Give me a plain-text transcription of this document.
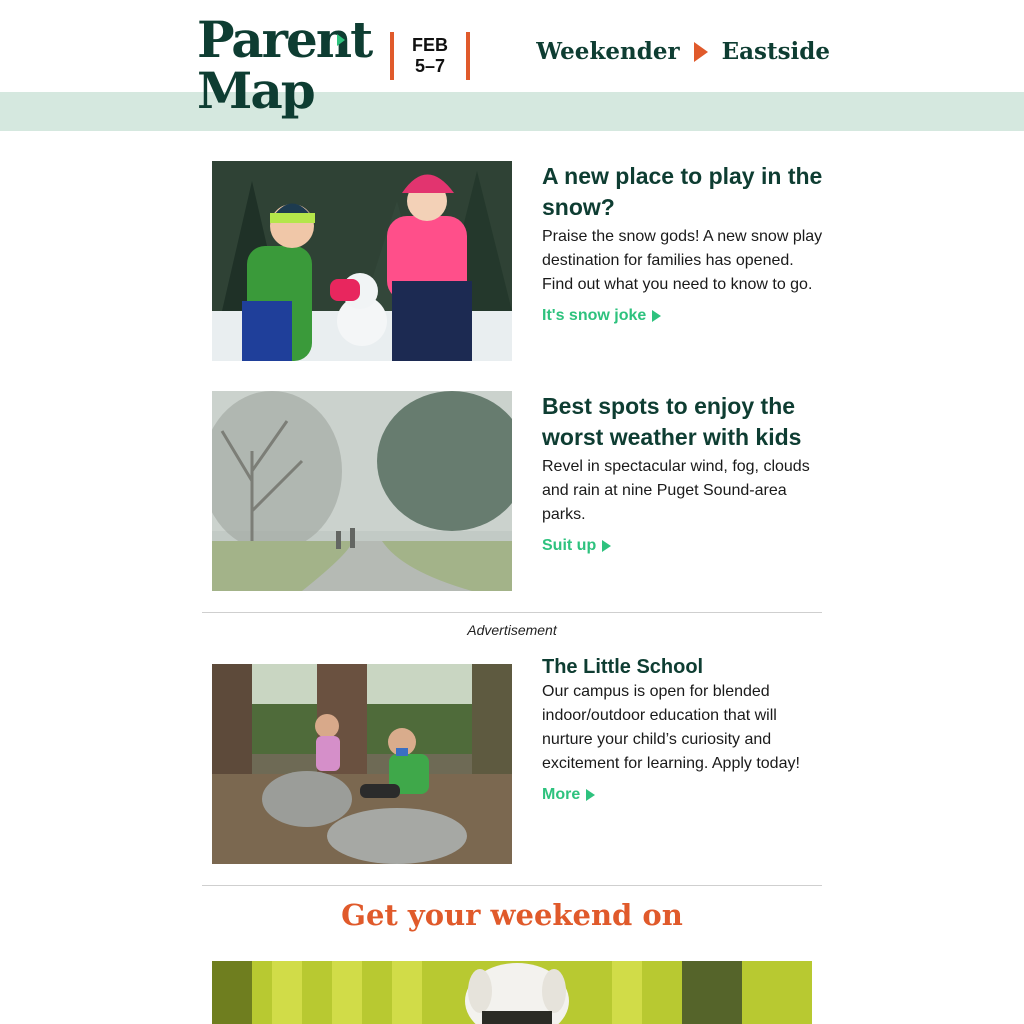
Parent
Map
FEB
5–7
Weekender Eastside
A new place to play in the snow?
Praise the snow gods! A new snow play destination for families has opened. Find out what you need to know to go.
It's snow joke
Best spots to enjoy the worst weather with kids
Revel in spectacular wind, fog, clouds and rain at nine Puget Sound-area parks.
Suit up
Advertisement
The Little School
Our campus is open for blended indoor/outdoor education that will nurture your child’s curiosity and excitement for learning. Apply today!
More
Get your weekend on
